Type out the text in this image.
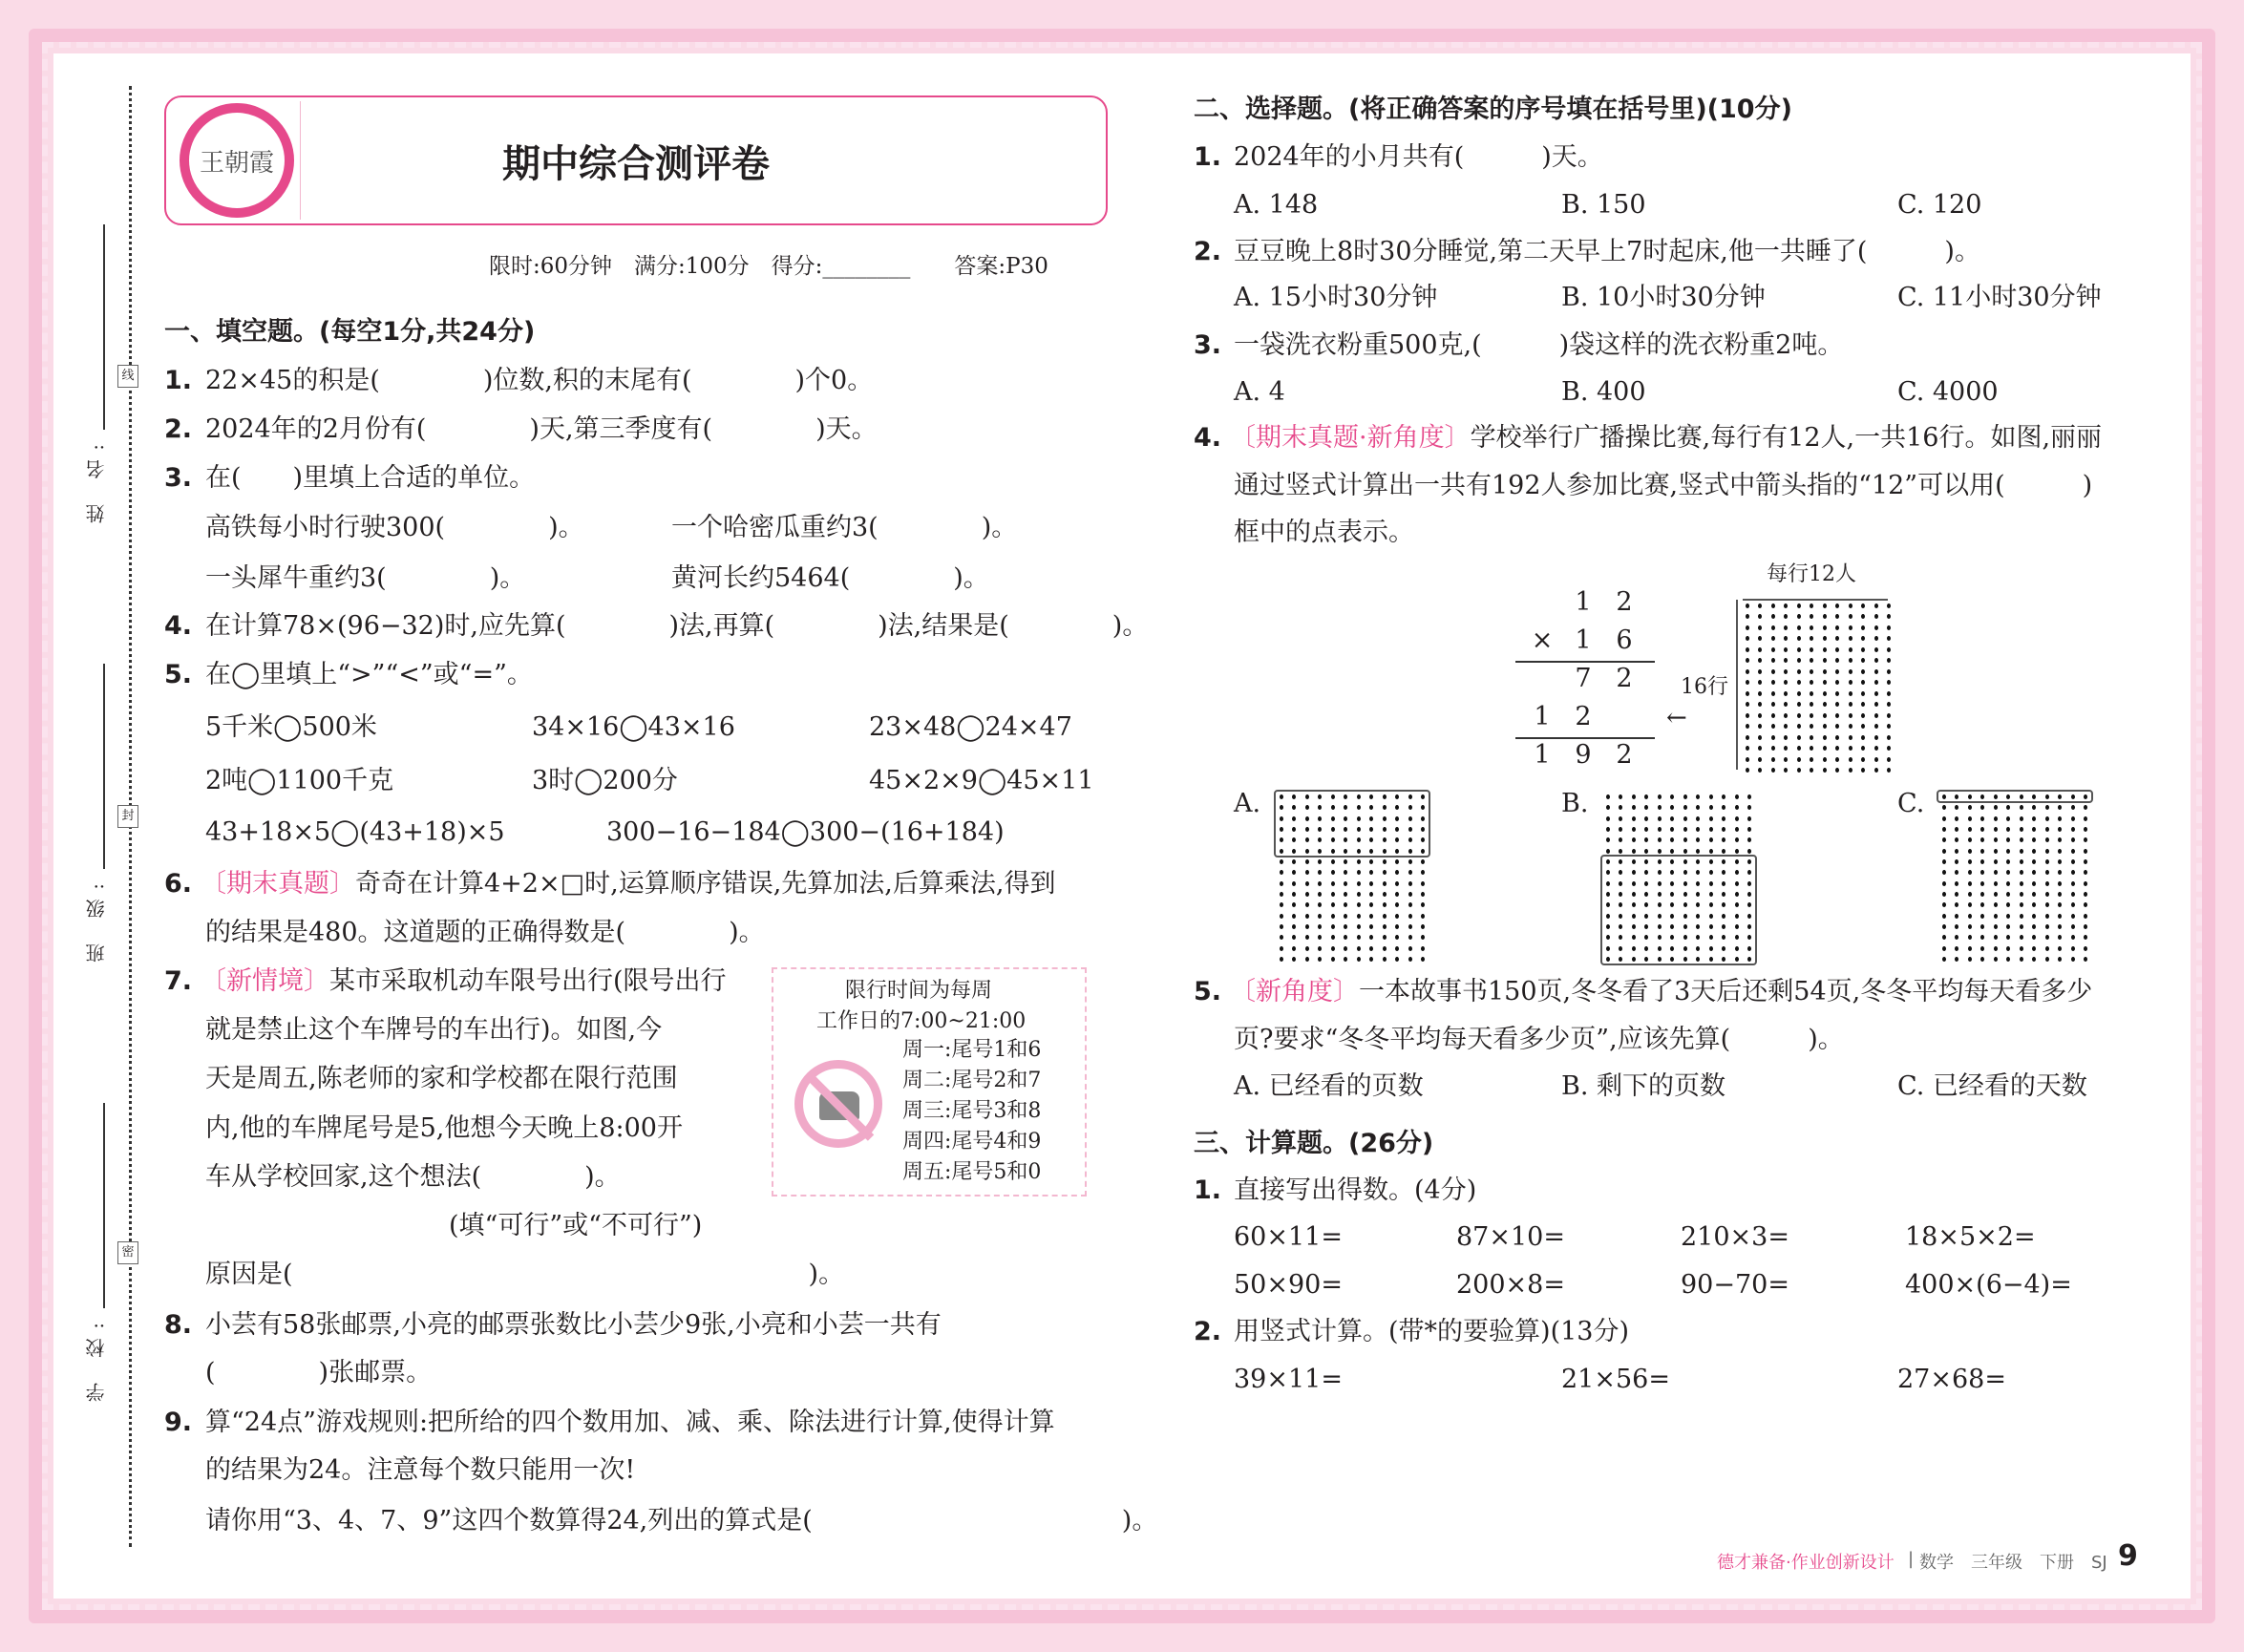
线
封
密
姓 名:
班 级:
学 校:
王朝霞	期中综合测评卷
限时:60分钟　满分:100分　得分:________　　答案:P30
一、填空题。(每空1分,共24分)
1. 22×45的积是(　　　　)位数,积的末尾有(　　　　)个0。
2. 2024年的2月份有(　　　　)天,第三季度有(　　　　)天。
3. 在(　　)里填上合适的单位。
高铁每小时行驶300(　　　　)。	一个哈密瓜重约3(　　　　)。
一头犀牛重约3(　　　　)。	黄河长约5464(　　　　)。
4. 在计算78×(96−32)时,应先算(　　　　)法,再算(　　　　)法,结果是(　　　　)。
5. 在◯里填上“>”“<”或“=”。
5千米◯500米	34×16◯43×16	23×48◯24×47
2吨◯1100千克	3时◯200分	45×2×9◯45×11
43+18×5◯(43+18)×5	300−16−184◯300−(16+184)
6. 〔期末真题〕奇奇在计算4+2×□时,运算顺序错误,先算加法,后算乘法,得到
的结果是480。这道题的正确得数是(　　　　)。
7. 〔新情境〕某市采取机动车限号出行(限号出行
就是禁止这个车牌号的车出行)。如图,今
天是周五,陈老师的家和学校都在限行范围
内,他的车牌尾号是5,他想今天晚上8:00开
车从学校回家,这个想法(　　　　)。
(填“可行”或“不可行”)
原因是(　　　　　　　　　　　　　　　　　　　　)。
限行时间为每周
工作日的7:00~21:00
周一:尾号1和6
周二:尾号2和7
周三:尾号3和8
周四:尾号4和9
周五:尾号5和0
8. 小芸有58张邮票,小亮的邮票张数比小芸少9张,小亮和小芸一共有
(　　　　)张邮票。
9. 算“24点”游戏规则:把所给的四个数用加、减、乘、除法进行计算,使得计算
的结果为24。注意每个数只能用一次!
请你用“3、4、7、9”这四个数算得24,列出的算式是(　　　　　　　　　　　　)。
二、选择题。(将正确答案的序号填在括号里)(10分)
1. 2024年的小月共有(　　　)天。
A. 148	B. 150	C. 120
2. 豆豆晚上8时30分睡觉,第二天早上7时起床,他一共睡了(　　　)。
A. 15小时30分钟	B. 10小时30分钟	C. 11小时30分钟
3. 一袋洗衣粉重500克,(　　　)袋这样的洗衣粉重2吨。
A. 4	B. 400	C. 4000
4. 〔期末真题·新角度〕学校举行广播操比赛,每行有12人,一共16行。如图,丽丽
通过竖式计算出一共有192人参加比赛,竖式中箭头指的“12”可以用(　　　)
框中的点表示。
每行12人
16行
←
A.	B.	C.
1 2
× 1 6
7 2
1 2
1 9 2
5. 〔新角度〕一本故事书150页,冬冬看了3天后还剩54页,冬冬平均每天看多少
页?要求“冬冬平均每天看多少页”,应该先算(　　　)。
A. 已经看的页数	B. 剩下的页数	C. 已经看的天数
三、计算题。(26分)
1. 直接写出得数。(4分)
60×11=	87×10=	210×3=	18×5×2=
50×90=	200×8=	90−70=	400×(6−4)=
2. 用竖式计算。(带*的要验算)(13分)
39×11=	21×56=	27×68=
德才兼备·作业创新设计 | 数学　三年级　下册　SJ 9
